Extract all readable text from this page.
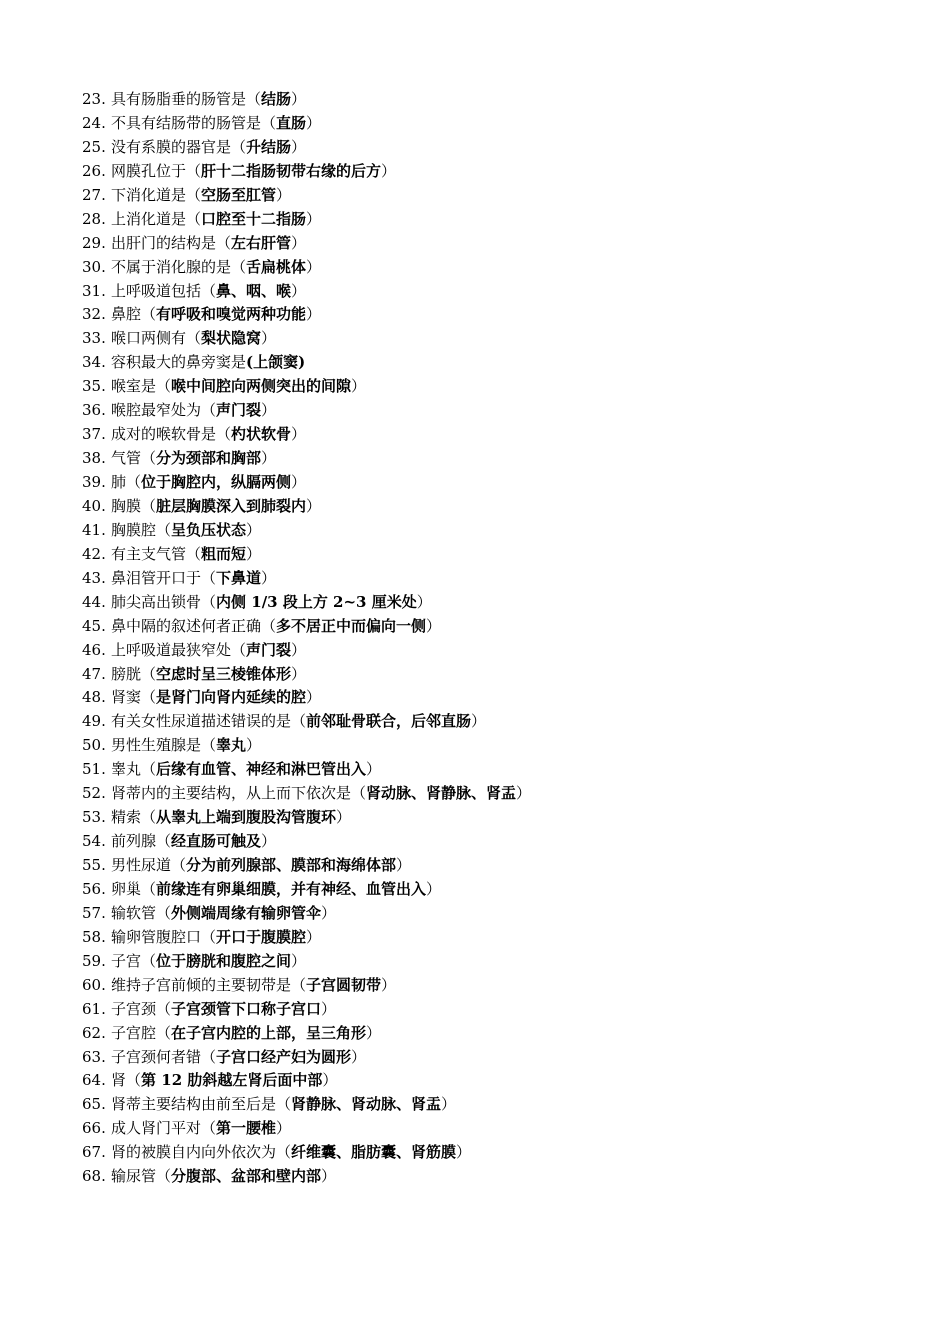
23. 具有肠脂垂的肠管是（结肠）
24. 不具有结肠带的肠管是（直肠）
25. 没有系膜的器官是（升结肠）
26. 网膜孔位于（肝十二指肠韧带右缘的后方）
27. 下消化道是（空肠至肛管）
28. 上消化道是（口腔至十二指肠）
29. 出肝门的结构是（左右肝管）
30. 不属于消化腺的是（舌扁桃体）
31. 上呼吸道包括（鼻、咽、喉）
32. 鼻腔（有呼吸和嗅觉两种功能）
33. 喉口两侧有（梨状隐窝）
34. 容积最大的鼻旁窦是(上颌窦)
35. 喉室是（喉中间腔向两侧突出的间隙）
36. 喉腔最窄处为（声门裂）
37. 成对的喉软骨是（杓状软骨）
38. 气管（分为颈部和胸部）
39. 肺（位于胸腔内，纵膈两侧）
40. 胸膜（脏层胸膜深入到肺裂内）
41. 胸膜腔（呈负压状态）
42. 有主支气管（粗而短）
43. 鼻泪管开口于（下鼻道）
44. 肺尖高出锁骨（内侧 1/3 段上方 2~3 厘米处）
45. 鼻中隔的叙述何者正确（多不居正中而偏向一侧）
46. 上呼吸道最狭窄处（声门裂）
47. 膀胱（空虑时呈三棱锥体形）
48. 肾窦（是肾门向肾内延续的腔）
49. 有关女性尿道描述错误的是（前邻耻骨联合，后邻直肠）
50. 男性生殖腺是（睾丸）
51. 睾丸（后缘有血管、神经和淋巴管出入）
52. 肾蒂内的主要结构，从上而下依次是（肾动脉、肾静脉、肾盂）
53. 精索（从睾丸上端到腹股沟管腹环）
54. 前列腺（经直肠可触及）
55. 男性尿道（分为前列腺部、膜部和海绵体部）
56. 卵巢（前缘连有卵巢细膜，并有神经、血管出入）
57. 输软管（外侧端周缘有输卵管伞）
58. 输卵管腹腔口（开口于腹膜腔）
59. 子宫（位于膀胱和腹腔之间）
60. 维持子宫前倾的主要韧带是（子宫圆韧带）
61. 子宫颈（子宫颈管下口称子宫口）
62. 子宫腔（在子宫内腔的上部，呈三角形）
63. 子宫颈何者错（子宫口经产妇为圆形）
64. 肾（第 12 肋斜越左肾后面中部）
65. 肾蒂主要结构由前至后是（肾静脉、肾动脉、肾盂）
66. 成人肾门平对（第一腰椎）
67. 肾的被膜自内向外依次为（纤维囊、脂肪囊、肾筋膜）
68. 输尿管（分腹部、盆部和壁内部）
